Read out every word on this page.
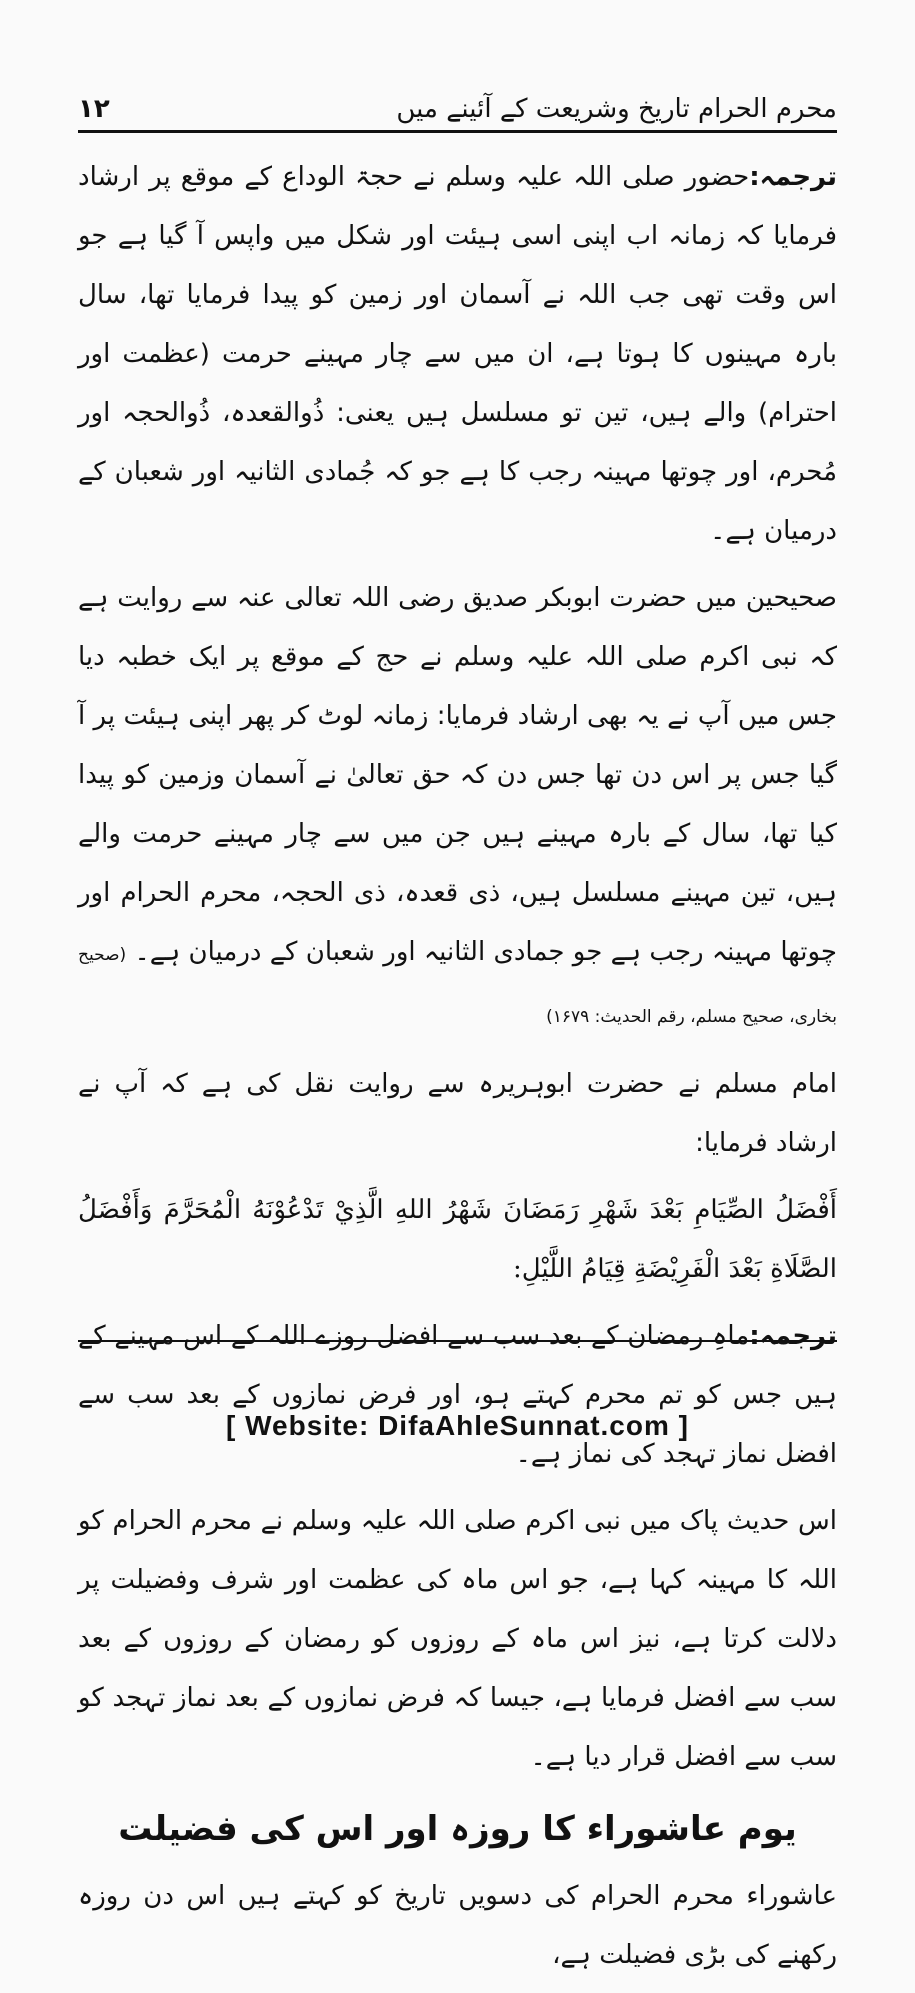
۱۲	محرم الحرام تاریخ وشریعت کے آئینے میں

ترجمہ:حضور صلی اللہ علیہ وسلم نے حجۃ الوداع کے موقع پر ارشاد فرمایا کہ زمانہ اب اپنی اسی ہیئت اور شکل میں واپس آ گیا ہے جو اس وقت تھی جب اللہ نے آسمان اور زمین کو پیدا فرمایا تھا، سال بارہ مہینوں کا ہوتا ہے، ان میں سے چار مہینے حرمت (عظمت اور احترام) والے ہیں، تین تو مسلسل ہیں یعنی: ذُوالقعدہ، ذُوالحجہ اور مُحرم، اور چوتھا مہینہ رجب کا ہے جو کہ جُمادی الثانیہ اور شعبان کے درمیان ہے۔

صحیحین میں حضرت ابوبکر صدیق رضی اللہ تعالی عنہ سے روایت ہے کہ نبی اکرم صلی اللہ علیہ وسلم نے حج کے موقع پر ایک خطبہ دیا جس میں آپ نے یہ بھی ارشاد فرمایا: زمانہ لوٹ کر پھر اپنی ہیئت پر آ گیا جس پر اس دن تھا جس دن کہ حق تعالیٰ نے آسمان وزمین کو پیدا کیا تھا، سال کے بارہ مہینے ہیں جن میں سے چار مہینے حرمت والے ہیں، تین مہینے مسلسل ہیں، ذی قعدہ، ذی الحجہ، محرم الحرام اور چوتھا مہینہ رجب ہے جو جمادی الثانیہ اور شعبان کے درمیان ہے۔ (صحیح بخاری، صحیح مسلم، رقم الحدیث: ۱۶۷۹)

امام مسلم نے حضرت ابوہریرہ سے روایت نقل کی ہے کہ آپ نے ارشاد فرمایا:

أَفْضَلُ الصِّيَامِ بَعْدَ شَهْرِ رَمَضَانَ شَهْرُ اللهِ الَّذِيْ تَدْعُوْنَهُ الْمُحَرَّمَ وَأَفْضَلُ الصَّلَاةِ بَعْدَ الْفَرِيْضَةِ قِيَامُ اللَّيْلِ:

ترجمہ:ماہِ رمضان کے بعد سب سے افضل روزے اللہ کے اس مہینے کے ہیں جس کو تم محرم کہتے ہو، اور فرض نمازوں کے بعد سب سے افضل نماز تہجد کی نماز ہے۔

اس حدیث پاک میں نبی اکرم صلی اللہ علیہ وسلم نے محرم الحرام کو اللہ کا مہینہ کہا ہے، جو اس ماہ کی عظمت اور شرف وفضیلت پر دلالت کرتا ہے، نیز اس ماہ کے روزوں کو رمضان کے روزوں کے بعد سب سے افضل فرمایا ہے، جیسا کہ فرض نمازوں کے بعد نماز تہجد کو سب سے افضل قرار دیا ہے۔

یوم عاشوراء کا روزہ اور اس کی فضیلت

عاشوراء محرم الحرام کی دسویں تاریخ کو کہتے ہیں اس دن روزہ رکھنے کی بڑی فضیلت ہے،

[ Website: DifaAhleSunnat.com ]
